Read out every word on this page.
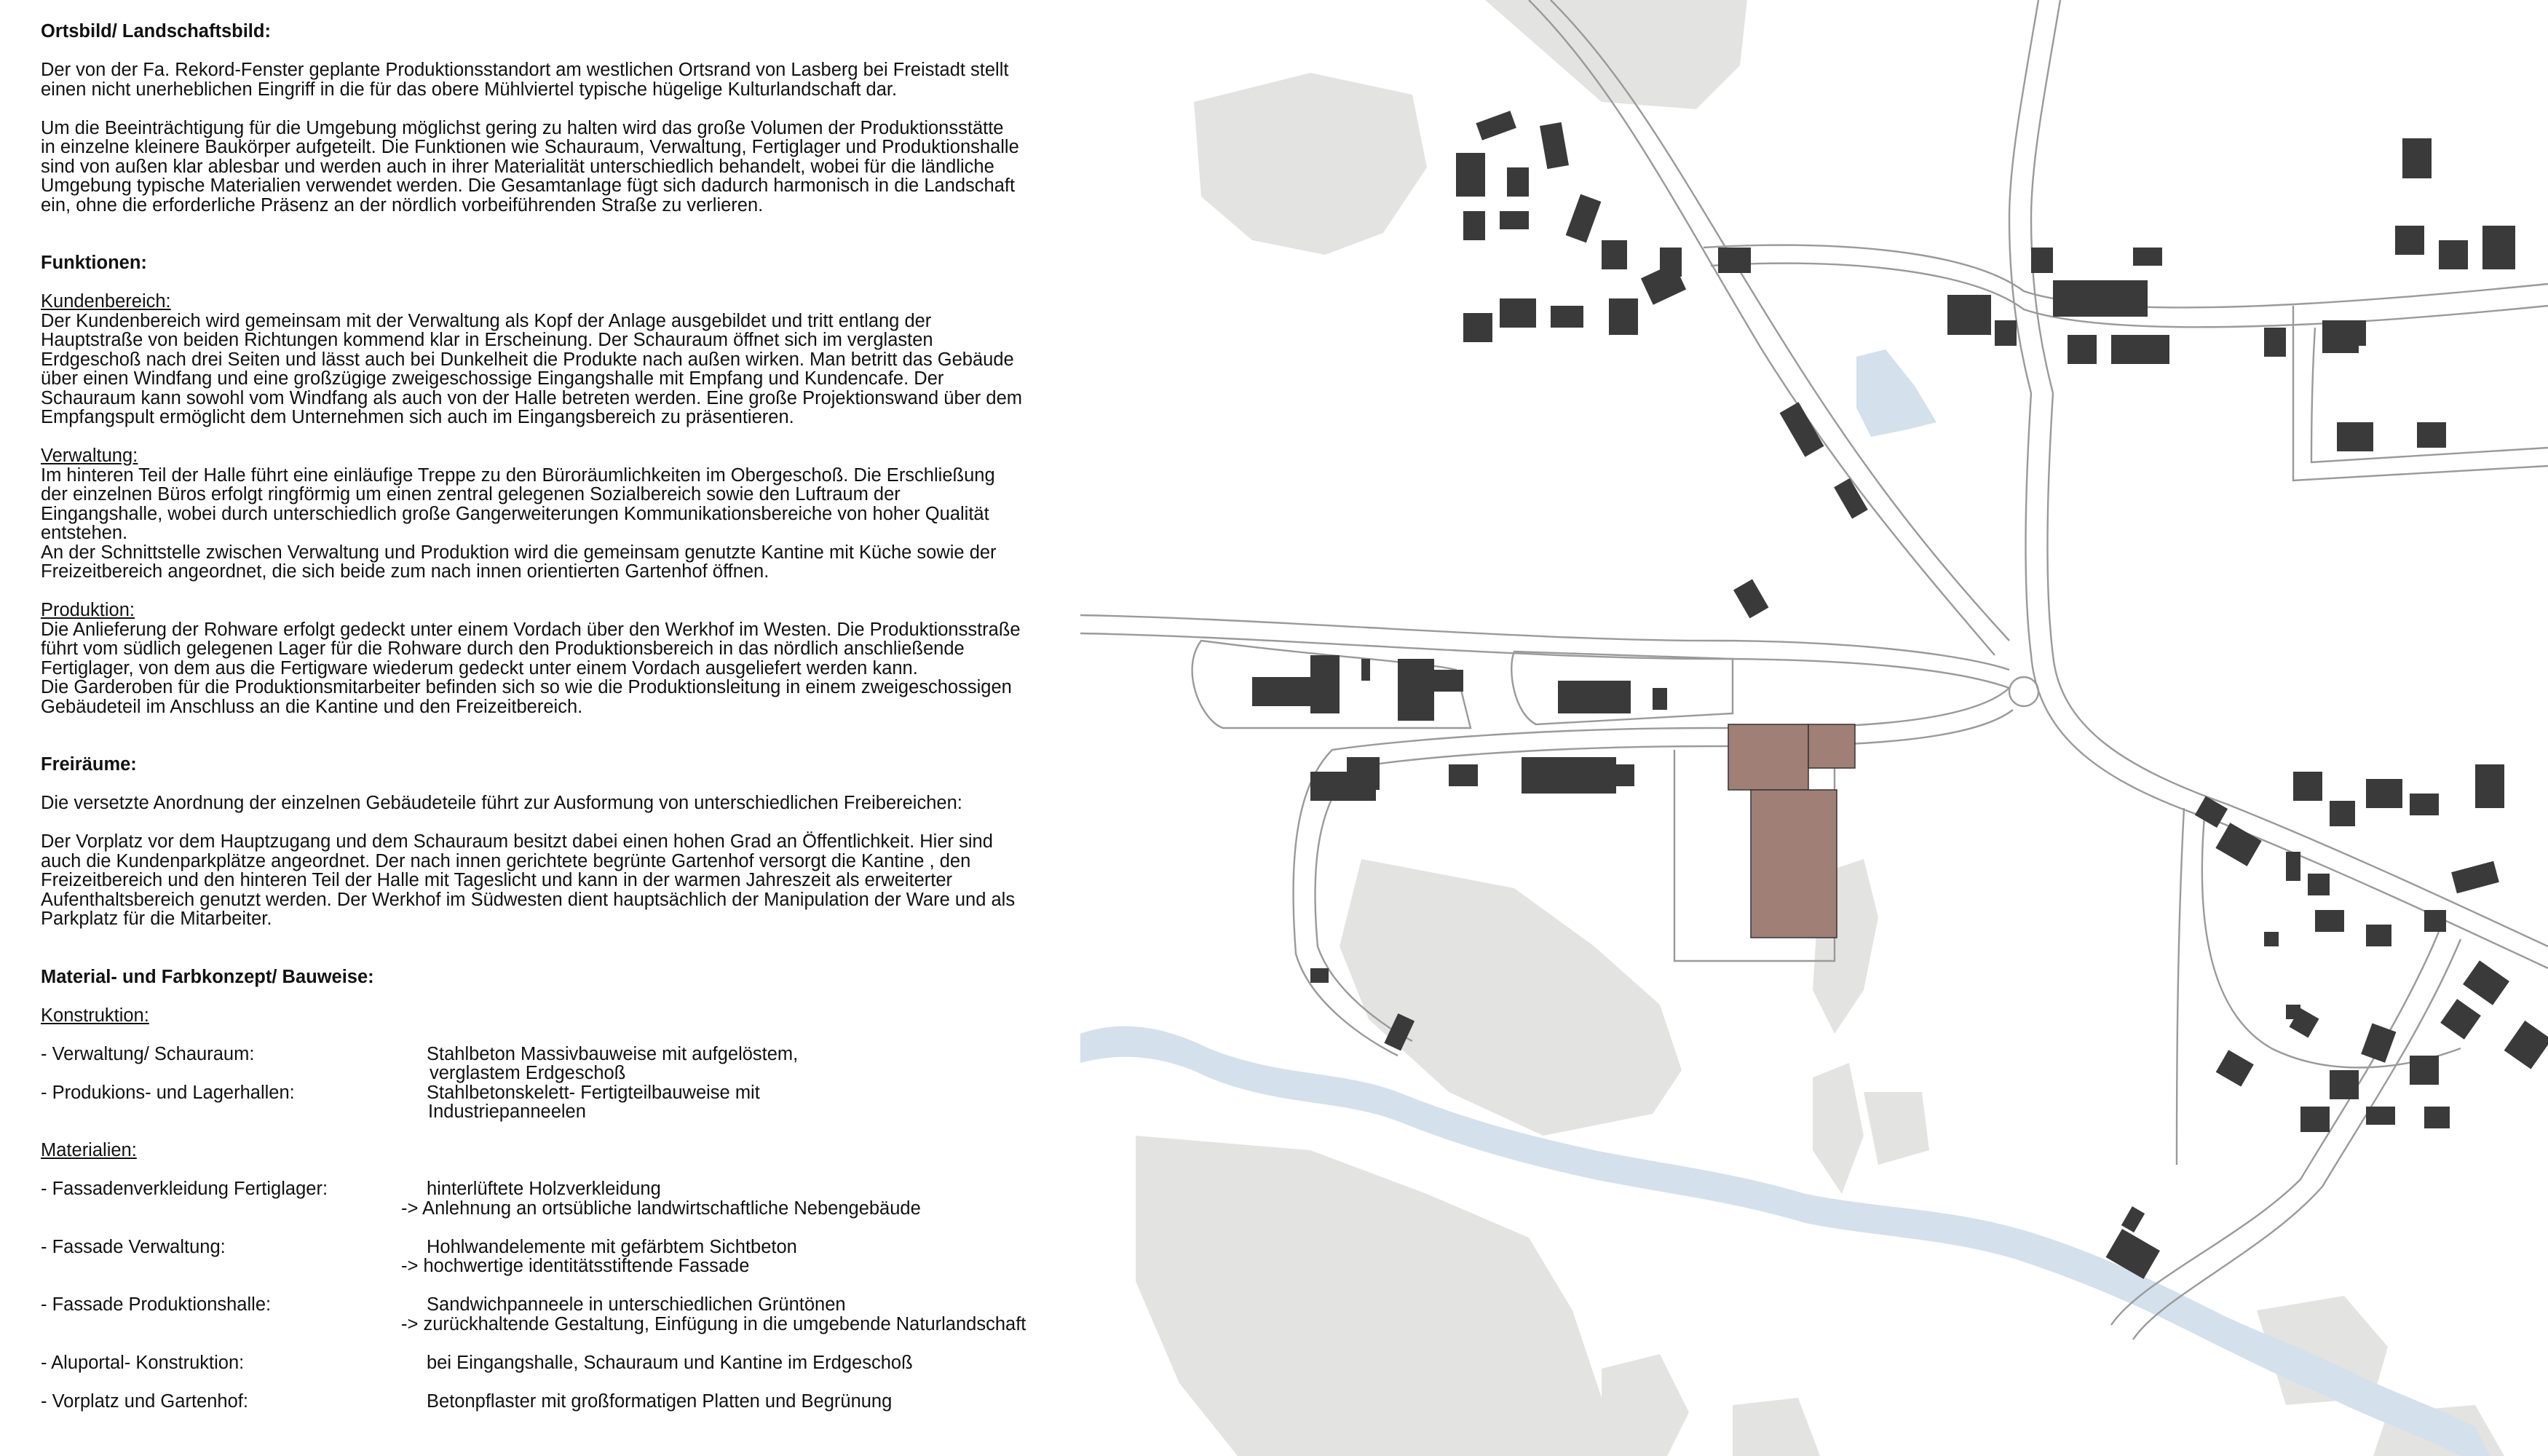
Ortsbild/ Landschaftsbild:

Der von der Fa. Rekord-Fenster geplante Produktionsstandort am westlichen Ortsrand von Lasberg bei Freistadt stellt
einen nicht unerheblichen Eingriff in die für das obere Mühlviertel typische hügelige Kulturlandschaft dar.

Um die Beeinträchtigung für die Umgebung möglichst gering zu halten wird das große Volumen der Produktionsstätte
in einzelne kleinere Baukörper aufgeteilt. Die Funktionen wie Schauraum, Verwaltung, Fertiglager und Produktionshalle
sind von außen klar ablesbar und werden auch in ihrer Materialität unterschiedlich behandelt, wobei für die ländliche
Umgebung typische Materialien verwendet werden. Die Gesamtanlage fügt sich dadurch harmonisch in die Landschaft
ein, ohne die erforderliche Präsenz an der nördlich vorbeiführenden Straße zu verlieren.

Funktionen:

Kundenbereich:

Der Kundenbereich wird gemeinsam mit der Verwaltung als Kopf der Anlage ausgebildet und tritt entlang der
Hauptstraße von beiden Richtungen kommend klar in Erscheinung. Der Schauraum öffnet sich im verglasten
Erdgeschoß nach drei Seiten und lässt auch bei Dunkelheit die Produkte nach außen wirken. Man betritt das Gebäude
über einen Windfang und eine großzügige zweigeschossige Eingangshalle mit Empfang und Kundencafe. Der
Schauraum kann sowohl vom Windfang als auch von der Halle betreten werden. Eine große Projektionswand über dem
Empfangspult ermöglicht dem Unternehmen sich auch im Eingangsbereich zu präsentieren.

Verwaltung:

Im hinteren Teil der Halle führt eine einläufige Treppe zu den Büroräumlichkeiten im Obergeschoß. Die Erschließung
der einzelnen Büros erfolgt ringförmig um einen zentral gelegenen Sozialbereich sowie den Luftraum der
Eingangshalle, wobei durch unterschiedlich große Gangerweiterungen Kommunikationsbereiche von hoher Qualität
entstehen.
An der Schnittstelle zwischen Verwaltung und Produktion wird die gemeinsam genutzte Kantine mit Küche sowie der
Freizeitbereich angeordnet, die sich beide zum nach innen orientierten Gartenhof öffnen.

Produktion:

Die Anlieferung der Rohware erfolgt gedeckt unter einem Vordach über den Werkhof im Westen. Die Produktionsstraße
führt vom südlich gelegenen Lager für die Rohware durch den Produktionsbereich in das nördlich anschließende
Fertiglager, von dem aus die Fertigware wiederum gedeckt unter einem Vordach ausgeliefert werden kann.
Die Garderoben für die Produktionsmitarbeiter befinden sich so wie die Produktionsleitung in einem zweigeschossigen
Gebäudeteil im Anschluss an die Kantine und den Freizeitbereich.

Freiräume:

Die versetzte Anordnung der einzelnen Gebäudeteile führt zur Ausformung von unterschiedlichen Freibereichen:

Der Vorplatz vor dem Hauptzugang und dem Schauraum besitzt dabei einen hohen Grad an Öffentlichkeit. Hier sind
auch die Kundenparkplätze angeordnet. Der nach innen gerichtete begrünte Gartenhof versorgt die Kantine , den
Freizeitbereich und den hinteren Teil der Halle mit Tageslicht und kann in der warmen Jahreszeit als erweiterter
Aufenthaltsbereich genutzt werden. Der Werkhof im Südwesten dient hauptsächlich der Manipulation der Ware und als
Parkplatz für die Mitarbeiter.

Material- und Farbkonzept/ Bauweise:

Konstruktion:

- Verwaltung/ Schauraum:	Stahlbeton Massivbauweise mit aufgelöstem,
verglastem Erdgeschoß
- Produkions- und Lagerhallen:	Stahlbetonskelett- Fertigteilbauweise mit
Industriepanneelen

Materialien:

- Fassadenverkleidung Fertiglager:	hinterlüftete Holzverkleidung

-> Anlehnung an ortsübliche landwirtschaftliche Nebengebäude

- Fassade Verwaltung:	Hohlwandelemente mit gefärbtem Sichtbeton

-> hochwertige identitätsstiftende Fassade

- Fassade Produktionshalle:	Sandwichpanneele in unterschiedlichen Grüntönen

-> zurückhaltende Gestaltung, Einfügung in die umgebende Naturlandschaft

- Aluportal- Konstruktion:	bei Eingangshalle, Schauraum und Kantine im Erdgeschoß
- Vorplatz und Gartenhof:	Betonpflaster mit großformatigen Platten und Begrünung
